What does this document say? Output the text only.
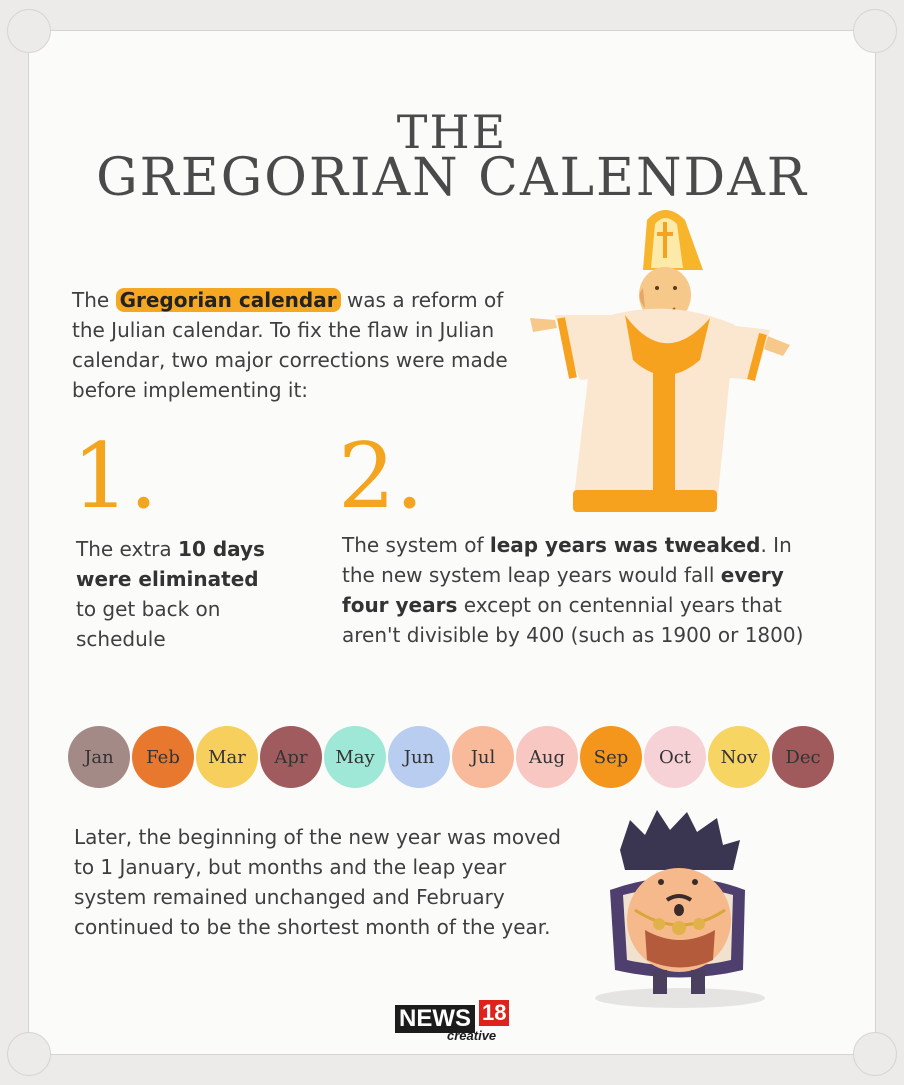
THE
GREGORIAN CALENDAR
The Gregorian calendar was a reform of the Julian calendar. To fix the flaw in Julian calendar, two major corrections were made before implementing it:
1. 2.
The extra 10 days were eliminated to get back on schedule
The system of leap years was tweaked. In the new system leap years would fall every four years except on centennial years that aren't divisible by 400 (such as 1900 or 1800)
Jan	Feb	Mar	Apr	May	Jun	Jul	Aug	Sep	Oct	Nov	Dec
Later, the beginning of the new year was moved to 1 January, but months and the leap year system remained unchanged and February continued to be the shortest month of the year.
NEWS 18
creative
